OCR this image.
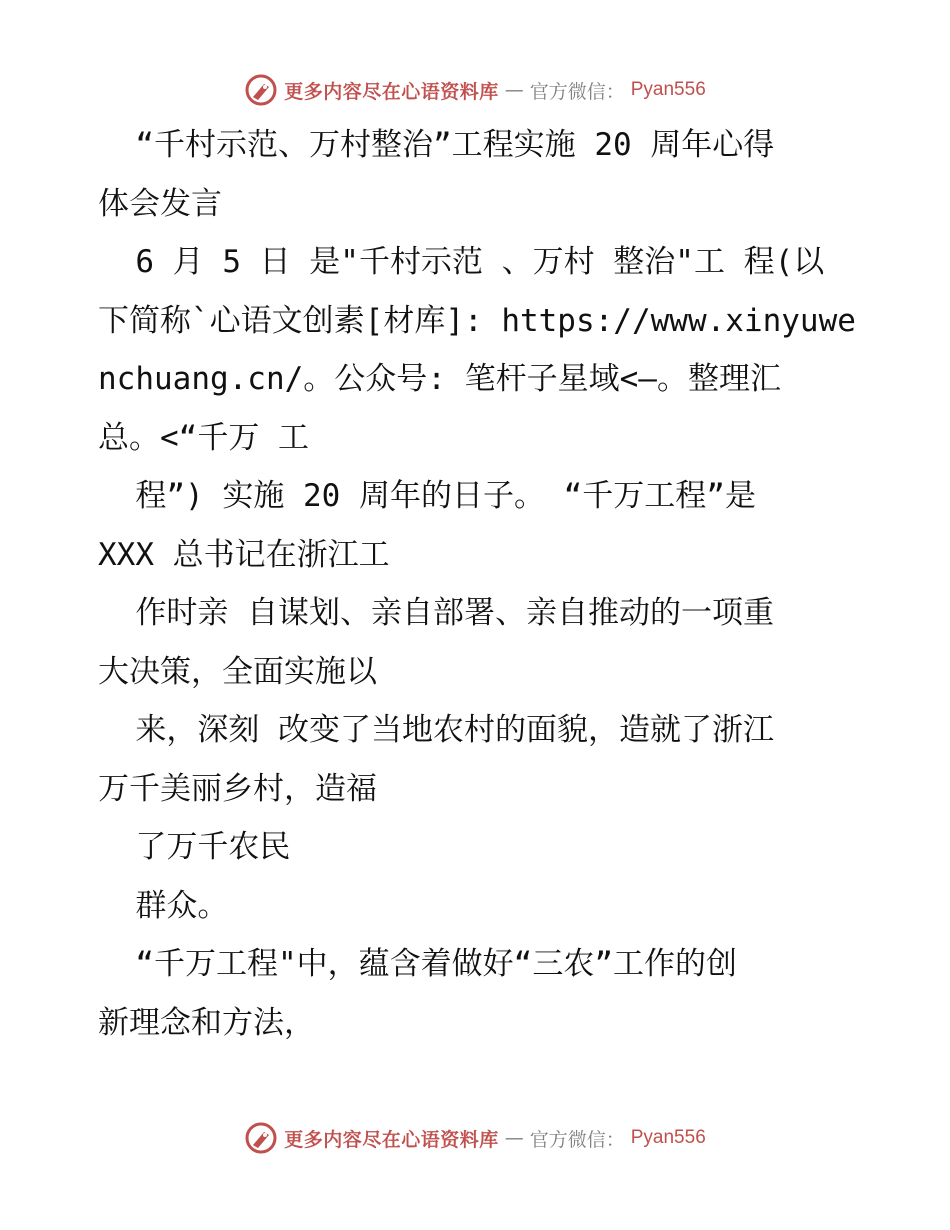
更多内容尽在心语资料库 — 官方微信： Pyan556
“千村示范、万村整治”工程实施 20 周年心得
体会发言
6 月 5 日 是"千村示范 、万村 整治"工 程(以
下简称`心语文创素[材库]: https://www.xinyuwe
nchuang.cn/。公众号: 笔杆子星域<—。整理汇
总。<“千万 工
程”) 实施 20 周年的日子。 “千万工程”是
XXX 总书记在浙江工
作时亲 自谋划、亲自部署、亲自推动的一项重
大决策，全面实施以
来，深刻 改变了当地农村的面貌，造就了浙江
万千美丽乡村，造福
了万千农民
群众。
“千万工程"中，蕴含着做好“三农”工作的创
新理念和方法，
更多内容尽在心语资料库 — 官方微信： Pyan556
